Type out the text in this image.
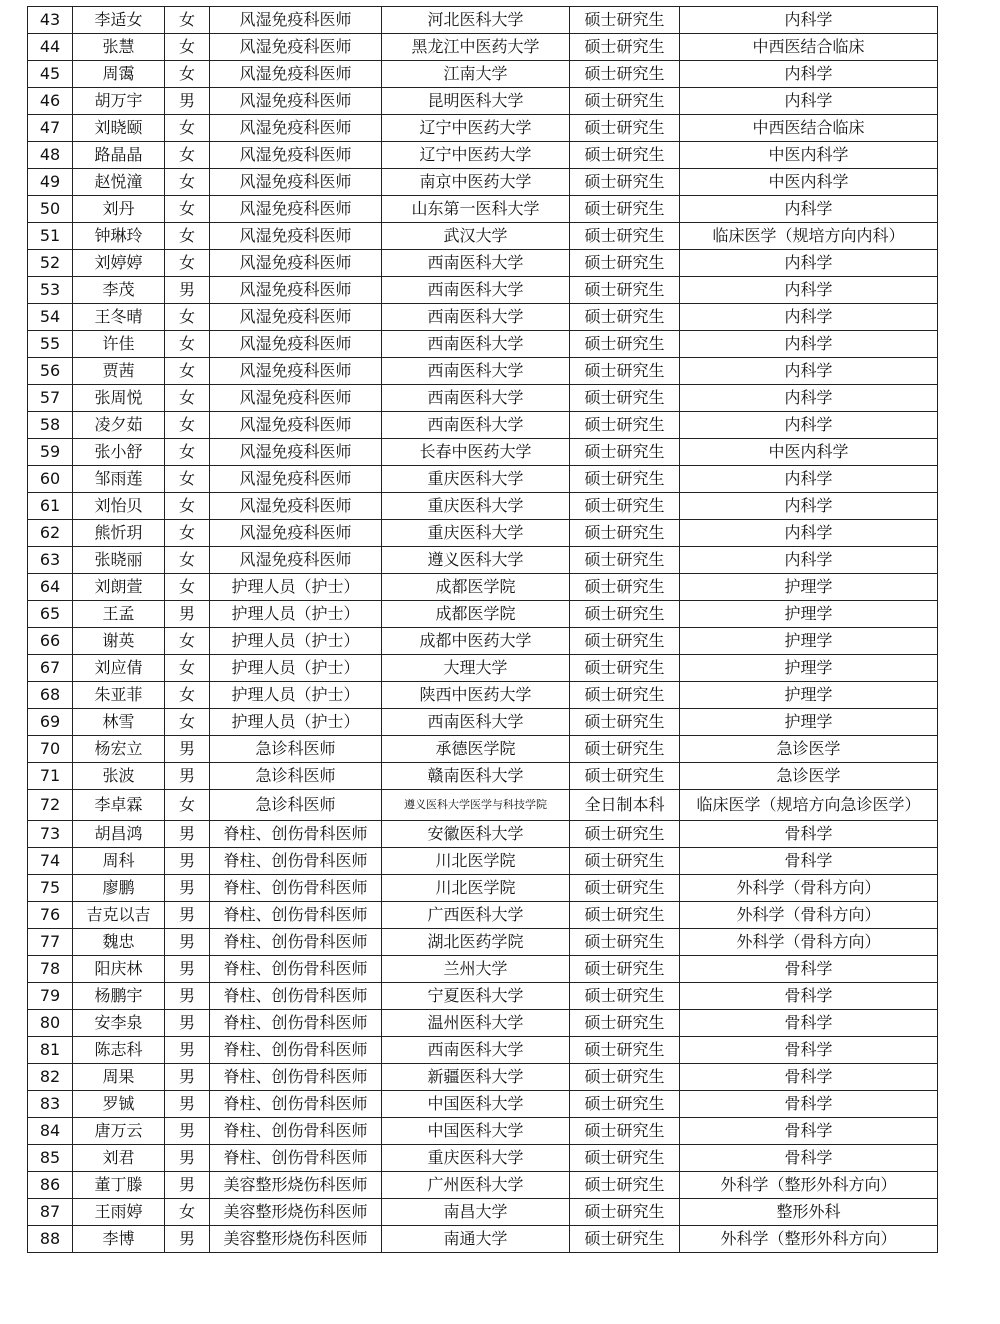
43	李适女	女	风湿免疫科医师	河北医科大学	硕士研究生	内科学
44	张慧	女	风湿免疫科医师	黑龙江中医药大学	硕士研究生	中西医结合临床
45	周霭	女	风湿免疫科医师	江南大学	硕士研究生	内科学
46	胡万宇	男	风湿免疫科医师	昆明医科大学	硕士研究生	内科学
47	刘晓颐	女	风湿免疫科医师	辽宁中医药大学	硕士研究生	中西医结合临床
48	路晶晶	女	风湿免疫科医师	辽宁中医药大学	硕士研究生	中医内科学
49	赵悦潼	女	风湿免疫科医师	南京中医药大学	硕士研究生	中医内科学
50	刘丹	女	风湿免疫科医师	山东第一医科大学	硕士研究生	内科学
51	钟琳玲	女	风湿免疫科医师	武汉大学	硕士研究生	临床医学（规培方向内科）
52	刘婷婷	女	风湿免疫科医师	西南医科大学	硕士研究生	内科学
53	李茂	男	风湿免疫科医师	西南医科大学	硕士研究生	内科学
54	王冬晴	女	风湿免疫科医师	西南医科大学	硕士研究生	内科学
55	许佳	女	风湿免疫科医师	西南医科大学	硕士研究生	内科学
56	贾茜	女	风湿免疫科医师	西南医科大学	硕士研究生	内科学
57	张周悦	女	风湿免疫科医师	西南医科大学	硕士研究生	内科学
58	凌夕茹	女	风湿免疫科医师	西南医科大学	硕士研究生	内科学
59	张小舒	女	风湿免疫科医师	长春中医药大学	硕士研究生	中医内科学
60	邹雨莲	女	风湿免疫科医师	重庆医科大学	硕士研究生	内科学
61	刘怡贝	女	风湿免疫科医师	重庆医科大学	硕士研究生	内科学
62	熊忻玥	女	风湿免疫科医师	重庆医科大学	硕士研究生	内科学
63	张晓丽	女	风湿免疫科医师	遵义医科大学	硕士研究生	内科学
64	刘朗萱	女	护理人员（护士）	成都医学院	硕士研究生	护理学
65	王孟	男	护理人员（护士）	成都医学院	硕士研究生	护理学
66	谢英	女	护理人员（护士）	成都中医药大学	硕士研究生	护理学
67	刘应倩	女	护理人员（护士）	大理大学	硕士研究生	护理学
68	朱亚菲	女	护理人员（护士）	陕西中医药大学	硕士研究生	护理学
69	林雪	女	护理人员（护士）	西南医科大学	硕士研究生	护理学
70	杨宏立	男	急诊科医师	承德医学院	硕士研究生	急诊医学
71	张波	男	急诊科医师	赣南医科大学	硕士研究生	急诊医学
72	李卓霖	女	急诊科医师	遵义医科大学医学与科技学院	全日制本科	临床医学（规培方向急诊医学）
73	胡昌鸿	男	脊柱、创伤骨科医师	安徽医科大学	硕士研究生	骨科学
74	周科	男	脊柱、创伤骨科医师	川北医学院	硕士研究生	骨科学
75	廖鹏	男	脊柱、创伤骨科医师	川北医学院	硕士研究生	外科学（骨科方向）
76	吉克以吉	男	脊柱、创伤骨科医师	广西医科大学	硕士研究生	外科学（骨科方向）
77	魏忠	男	脊柱、创伤骨科医师	湖北医药学院	硕士研究生	外科学（骨科方向）
78	阳庆林	男	脊柱、创伤骨科医师	兰州大学	硕士研究生	骨科学
79	杨鹏宇	男	脊柱、创伤骨科医师	宁夏医科大学	硕士研究生	骨科学
80	安李泉	男	脊柱、创伤骨科医师	温州医科大学	硕士研究生	骨科学
81	陈志科	男	脊柱、创伤骨科医师	西南医科大学	硕士研究生	骨科学
82	周果	男	脊柱、创伤骨科医师	新疆医科大学	硕士研究生	骨科学
83	罗铖	男	脊柱、创伤骨科医师	中国医科大学	硕士研究生	骨科学
84	唐万云	男	脊柱、创伤骨科医师	中国医科大学	硕士研究生	骨科学
85	刘君	男	脊柱、创伤骨科医师	重庆医科大学	硕士研究生	骨科学
86	董丁滕	男	美容整形烧伤科医师	广州医科大学	硕士研究生	外科学（整形外科方向）
87	王雨婷	女	美容整形烧伤科医师	南昌大学	硕士研究生	整形外科
88	李博	男	美容整形烧伤科医师	南通大学	硕士研究生	外科学（整形外科方向）
